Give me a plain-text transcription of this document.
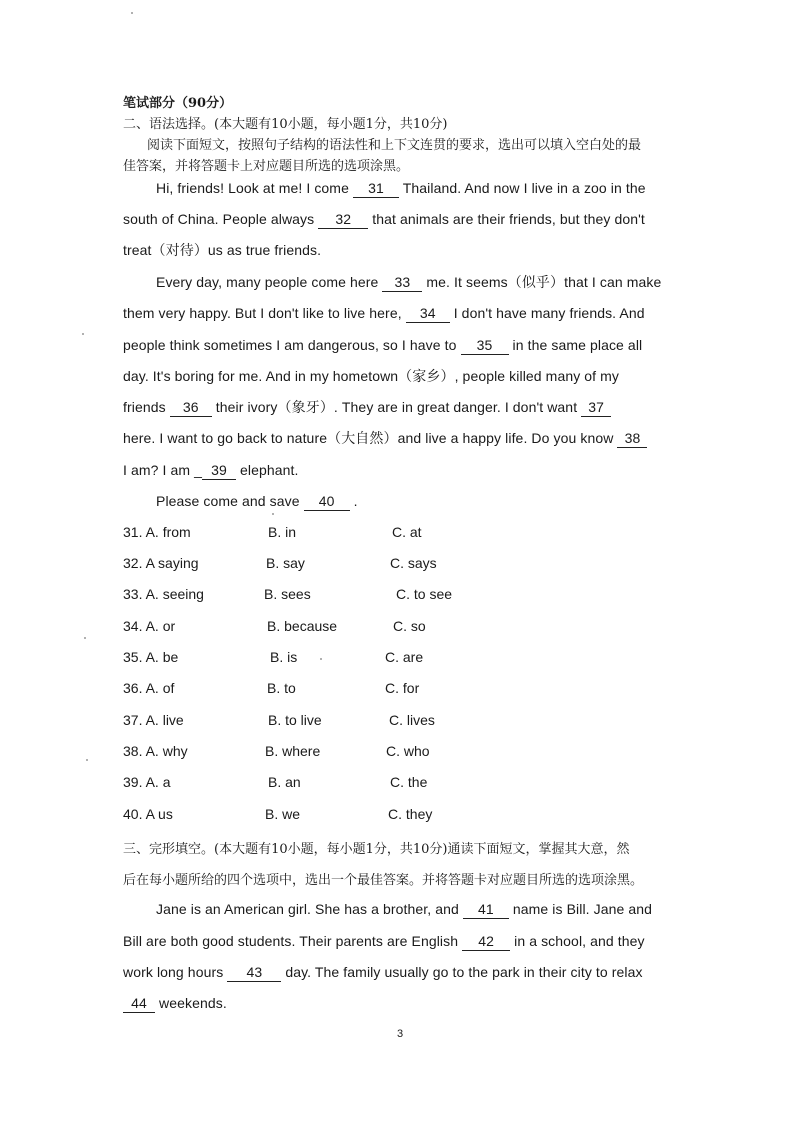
笔试部分（90分）
二、语法选择。(本大题有10小题，每小题1分，共10分)
阅读下面短文，按照句子结构的语法性和上下文连贯的要求，选出可以填入空白处的最
佳答案，并将答题卡上对应题目所选的选项涂黑。
Hi, friends! Look at me! I come 31 Thailand. And now I live in a zoo in the
south of China. People always 32 that animals are their friends, but they don't
treat（对待）us as true friends.
Every day, many people come here 33 me. It seems（似乎）that I can make
them very happy. But I don't like to live here, 34 I don't have many friends. And
people think sometimes I am dangerous, so I have to 35 in the same place all
day. It's boring for me. And in my hometown（家乡）, people killed many of my
friends 36 their ivory（象牙）. They are in great danger. I don't want 37
here. I want to go back to nature（大自然）and live a happy life. Do you know 38
I am? I am _ 39 elephant.
Please come and save 40 .
31. A. from	B. in	C. at
32. A saying	B. say	C. says
33. A. seeing	B. sees	C. to see
34. A. or	B. because	C. so
35. A. be	B. is	C. are
36. A. of	B. to	C. for
37. A. live	B. to live	C. lives
38. A. why	B. where	C. who
39. A. a	B. an	C. the
40. A us	B. we	C. they
三、完形填空。(本大题有10小题，每小题1分，共10分)通读下面短文，掌握其大意，然
后在每小题所给的四个选项中，选出一个最佳答案。并将答题卡对应题目所选的选项涂黑。
Jane is an American girl. She has a brother, and 41 name is Bill. Jane and
Bill are both good students. Their parents are English 42 in a school, and they
work long hours 43 day. The family usually go to the park in their city to relax
44 weekends.
3
